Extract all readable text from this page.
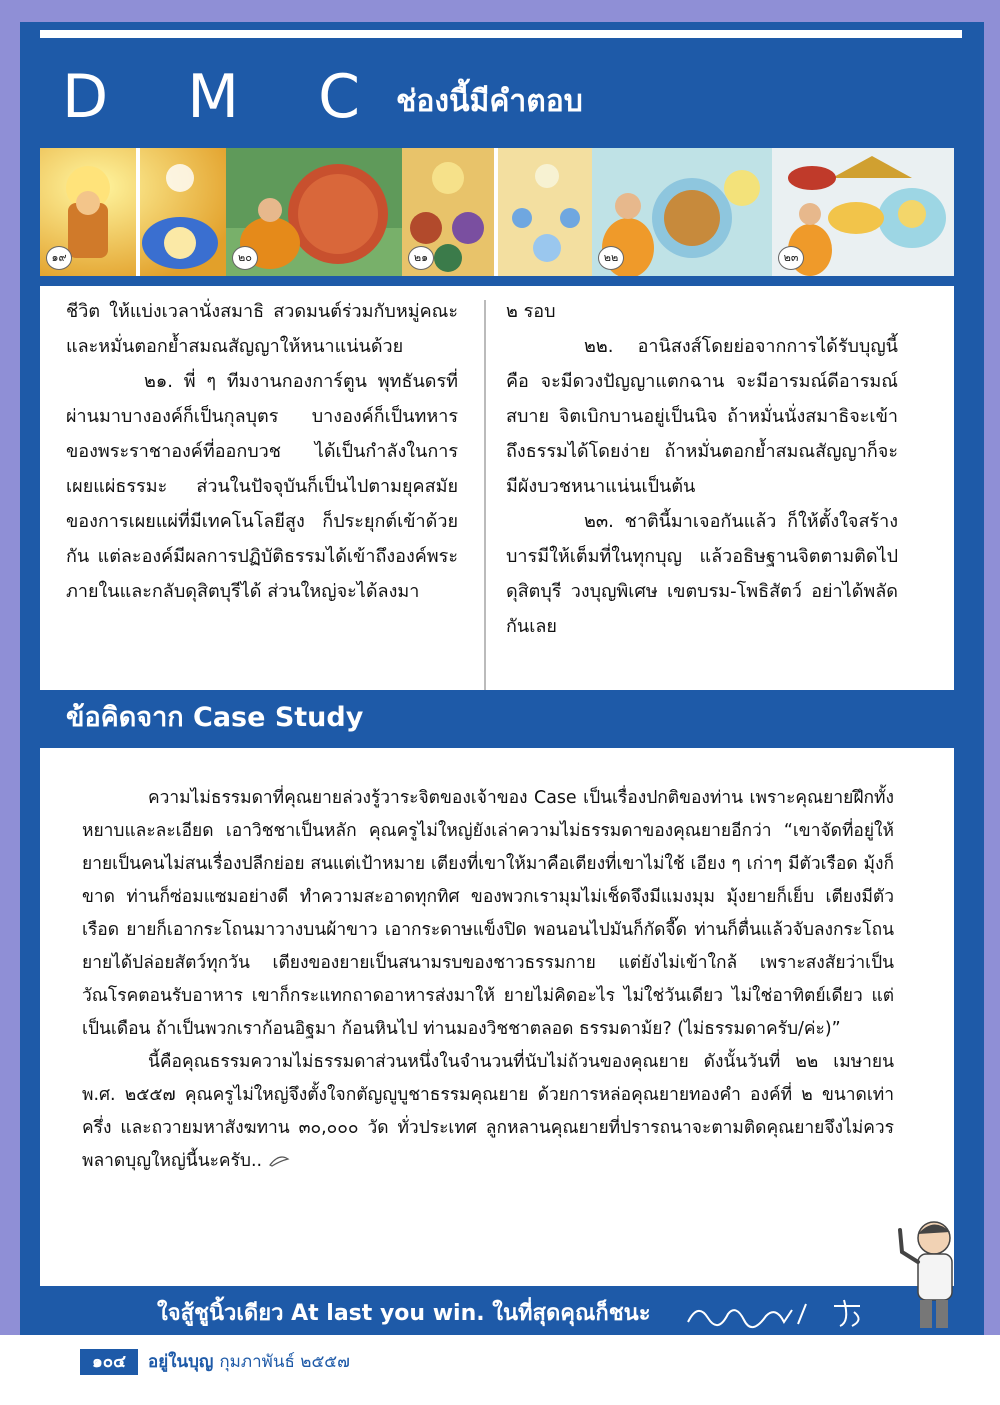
D M C ช่องนี้มีคำตอบ
๑๙	๒๐	๒๑	๒๒	๒๓

ชีวิต ให้แบ่งเวลานั่งสมาธิ สวดมนต์ร่วมกับหมู่คณะ และหมั่นตอกย้ำสมณสัญญาให้หนาแน่นด้วย

๒๑. พี่ ๆ ทีมงานกองการ์ตูน พุทธันดรที่ผ่านมาบางองค์ก็เป็นกุลบุตร บางองค์ก็เป็นทหารของพระราชาองค์ที่ออกบวช ได้เป็นกำลังในการเผยแผ่ธรรมะ ส่วนในปัจจุบันก็เป็นไปตามยุคสมัยของการเผยแผ่ที่มีเทคโนโลยีสูง ก็ประยุกต์เข้าด้วยกัน แต่ละองค์มีผลการปฏิบัติธรรมได้เข้าถึงองค์พระภายในและกลับดุสิตบุรีได้ ส่วนใหญ่จะได้ลงมา

๒ รอบ

๒๒. อานิสงส์โดยย่อจากการได้รับบุญนี้ คือ จะมีดวงปัญญาแตกฉาน จะมีอารมณ์ดีอารมณ์สบาย จิตเบิกบานอยู่เป็นนิจ ถ้าหมั่นนั่งสมาธิจะเข้าถึงธรรมได้โดยง่าย ถ้าหมั่นตอกย้ำสมณสัญญาก็จะมีผังบวชหนาแน่นเป็นต้น

๒๓. ชาตินี้มาเจอกันแล้ว ก็ให้ตั้งใจสร้างบารมีให้เต็มที่ในทุกบุญ แล้วอธิษฐานจิตตามติดไปดุสิตบุรี วงบุญพิเศษ เขตบรม-โพธิสัตว์ อย่าได้พลัดกันเลย

ข้อคิดจาก Case Study

ความไม่ธรรมดาที่คุณยายล่วงรู้วาระจิตของเจ้าของ Case เป็นเรื่องปกติของท่าน เพราะคุณยายฝึกทั้งหยาบและละเอียด เอาวิชชาเป็นหลัก คุณครูไม่ใหญ่ยังเล่าความไม่ธรรมดาของคุณยายอีกว่า “เขาจัดที่อยู่ให้ ยายเป็นคนไม่สนเรื่องปลีกย่อย สนแต่เป้าหมาย เตียงที่เขาให้มาคือเตียงที่เขาไม่ใช้ เอียง ๆ เก่าๆ มีตัวเรือด มุ้งก็ขาด ท่านก็ซ่อมแซมอย่างดี ทำความสะอาดทุกทิศ ของพวกเรามุมไม่เช็ดจึงมีแมงมุม มุ้งยายก็เย็บ เตียงมีตัวเรือด ยายก็เอากระโถนมาวางบนผ้าขาว เอากระดาษแข็งปิด พอนอนไปมันก็กัดจี๊ด ท่านก็ตื่นแล้วจับลงกระโถน ยายได้ปล่อยสัตว์ทุกวัน เตียงของยายเป็นสนามรบของชาวธรรมกาย แต่ยังไม่เข้าใกล้ เพราะสงสัยว่าเป็นวัณโรคตอนรับอาหาร เขาก็กระแทกถาดอาหารส่งมาให้ ยายไม่คิดอะไร ไม่ใช่วันเดียว ไม่ใช่อาทิตย์เดียว แต่เป็นเดือน ถ้าเป็นพวกเราก้อนอิฐมา ก้อนหินไป ท่านมองวิชชาตลอด ธรรมดาม้ย? (ไม่ธรรมดาครับ/ค่ะ)”

นี้คือคุณธรรมความไม่ธรรมดาส่วนหนึ่งในจำนวนที่นับไม่ถ้วนของคุณยาย ดังนั้นวันที่ ๒๒ เมษายน พ.ศ. ๒๕๕๗ คุณครูไม่ใหญ่จึงตั้งใจกตัญญูบูชาธรรมคุณยาย ด้วยการหล่อคุณยายทองคำ องค์ที่ ๒ ขนาดเท่าครึ่ง และถวายมหาสังฆทาน ๓๐,๐๐๐ วัด ทั่วประเทศ ลูกหลานคุณยายที่ปรารถนาจะตามติดคุณยายจึงไม่ควรพลาดบุญใหญ่นี้นะครับ..

ใจสู้ชูนิ้วเดียว At last you win. ในที่สุดคุณก็ชนะ
๑๐๔	อยู่ในบุญ กุมภาพันธ์ ๒๕๕๗
